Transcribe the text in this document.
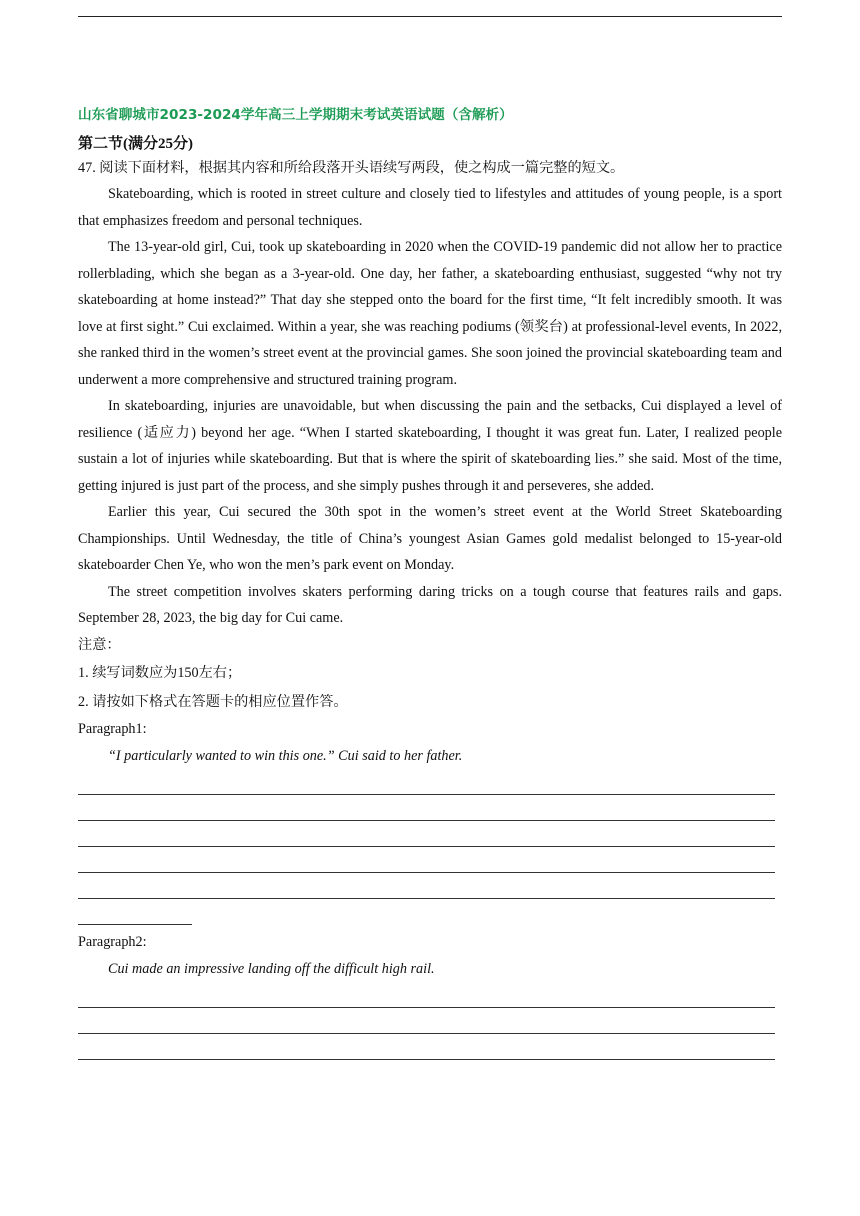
山东省聊城市2023-2024学年高三上学期期末考试英语试题（含解析）

第二节(满分25分)

47. 阅读下面材料，根据其内容和所给段落开头语续写两段，使之构成一篇完整的短文。

Skateboarding, which is rooted in street culture and closely tied to lifestyles and attitudes of young people, is a sport that emphasizes freedom and personal techniques.

The 13-year-old girl, Cui, took up skateboarding in 2020 when the COVID-19 pandemic did not allow her to practice rollerblading, which she began as a 3-year-old. One day, her father, a skateboarding enthusiast, suggested “why not try skateboarding at home instead?” That day she stepped onto the board for the first time, “It felt incredibly smooth. It was love at first sight.” Cui exclaimed. Within a year, she was reaching podiums (领奖台) at professional-level events, In 2022, she ranked third in the women’s street event at the provincial games. She soon joined the provincial skateboarding team and underwent a more comprehensive and structured training program.

In skateboarding, injuries are unavoidable, but when discussing the pain and the setbacks, Cui displayed a level of resilience (适应力) beyond her age. “When I started skateboarding, I thought it was great fun. Later, I realized people sustain a lot of injuries while skateboarding. But that is where the spirit of skateboarding lies.” she said. Most of the time, getting injured is just part of the process, and she simply pushes through it and perseveres, she added.

Earlier this year, Cui secured the 30th spot in the women’s street event at the World Street Skateboarding Championships. Until Wednesday, the title of China’s youngest Asian Games gold medalist belonged to 15-year-old skateboarder Chen Ye, who won the men’s park event on Monday.

The street competition involves skaters performing daring tricks on a tough course that features rails and gaps. September 28, 2023, the big day for Cui came.

注意：

1. 续写词数应为150左右；

2. 请按如下格式在答题卡的相应位置作答。

Paragraph1:

“I particularly wanted to win this one.” Cui said to her father.

Paragraph2:

Cui made an impressive landing off the difficult high rail.
